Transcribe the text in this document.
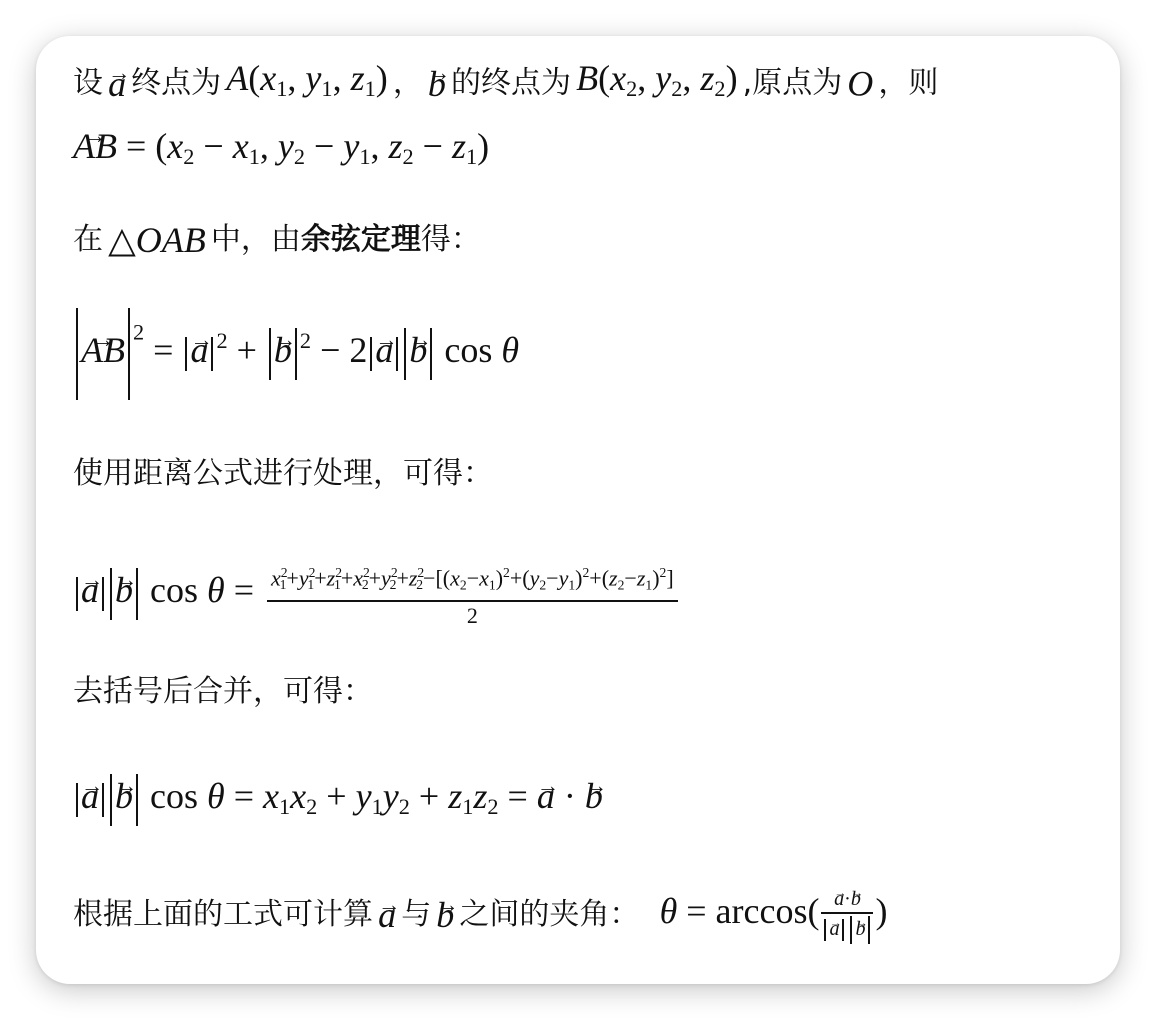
设 → a 终点为 $A(x_1$, $y_1$, $z_1$) ， → b 的终点为 $B(x_2$, $y_2$, $z_2$) ,原点为 O ，则
→ AB = ($x_2 - x_1$, $y_2 - y_1$, $z_2 - z_1$)
在 △OAB 中，由余弦定理得：
→ AB $^2$ = → a $^2$ + → b $^2$ − 2 → a → b cos θ
使用距离公式进行处理，可得：
→ a → b $\cos \theta = \frac{x^2_1+y^2_1+z^2_1+x^2_2+y^2_2+z^2_2-[(x_2-x_1)^2+(y_2-y_1)^2+(z_2-z_1)^2]}{2}$
去括号后合并，可得：
→ a → b $\cos \theta = x_1x_2 + y_1y_2 + z_1z_2$ = → a · → b
根据上面的工式可计算 → a 与 → b 之间的夹角： θ = arccos( → a·→ b
→ a → b )
